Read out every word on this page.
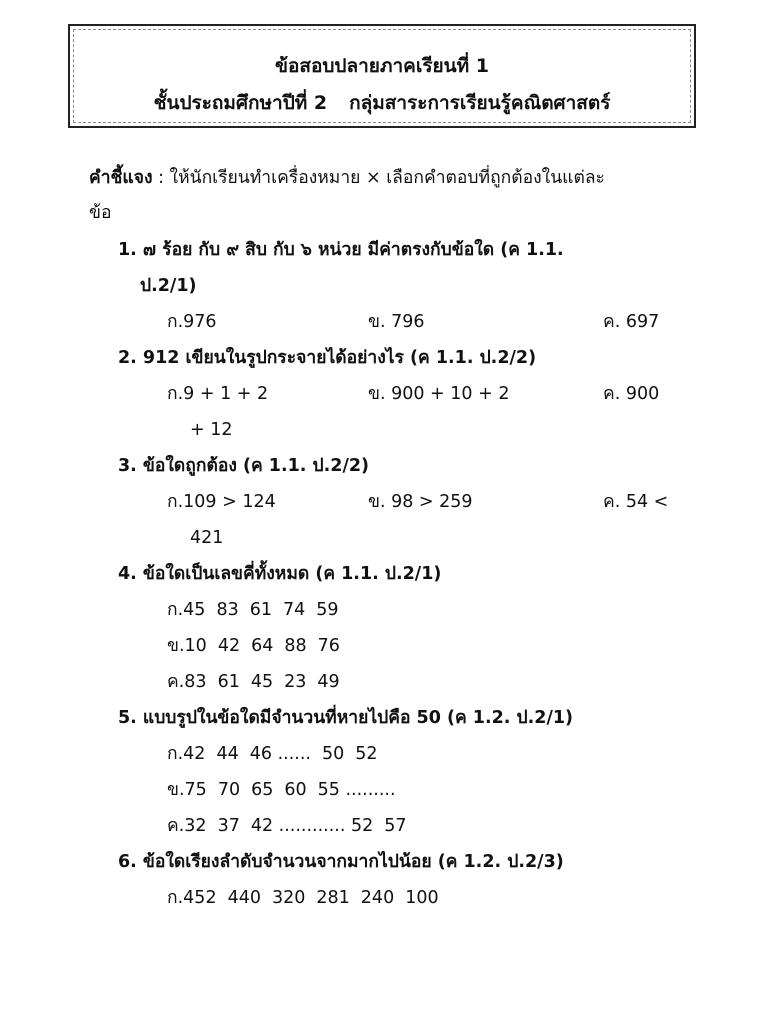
ข้อสอบปลายภาคเรียนที่ 1
ชั้นประถมศึกษาปีที่ 2 กลุ่มสาระการเรียนรู้คณิตศาสตร์
คำชี้แจง : ให้นักเรียนทำเครื่องหมาย × เลือกคำตอบที่ถูกต้องในแต่ละ
ข้อ
1. ๗ ร้อย กับ ๙ สิบ กับ ๖ หน่วย มีค่าตรงกับข้อใด (ค 1.1.
ป.2/1)
ก.976	ข. 796	ค. 697
2. 912 เขียนในรูปกระจายได้อย่างไร (ค 1.1. ป.2/2)
ก.9 + 1 + 2	ข. 900 + 10 + 2	ค. 900
+ 12
3. ข้อใดถูกต้อง (ค 1.1. ป.2/2)
ก.109 > 124	ข. 98 > 259	ค. 54 <
421
4. ข้อใดเป็นเลขคี่ทั้งหมด (ค 1.1. ป.2/1)
ก.45 83 61 74 59
ข.10 42 64 88 76
ค.83 61 45 23 49
5. แบบรูปในข้อใดมีจำนวนที่หายไปคือ 50 (ค 1.2. ป.2/1)
ก.42 44 46 ...... 50 52
ข.75 70 65 60 55 .........
ค.32 37 42 ............ 52 57
6. ข้อใดเรียงลำดับจำนวนจากมากไปน้อย (ค 1.2. ป.2/3)
ก.452 440 320 281 240 100
